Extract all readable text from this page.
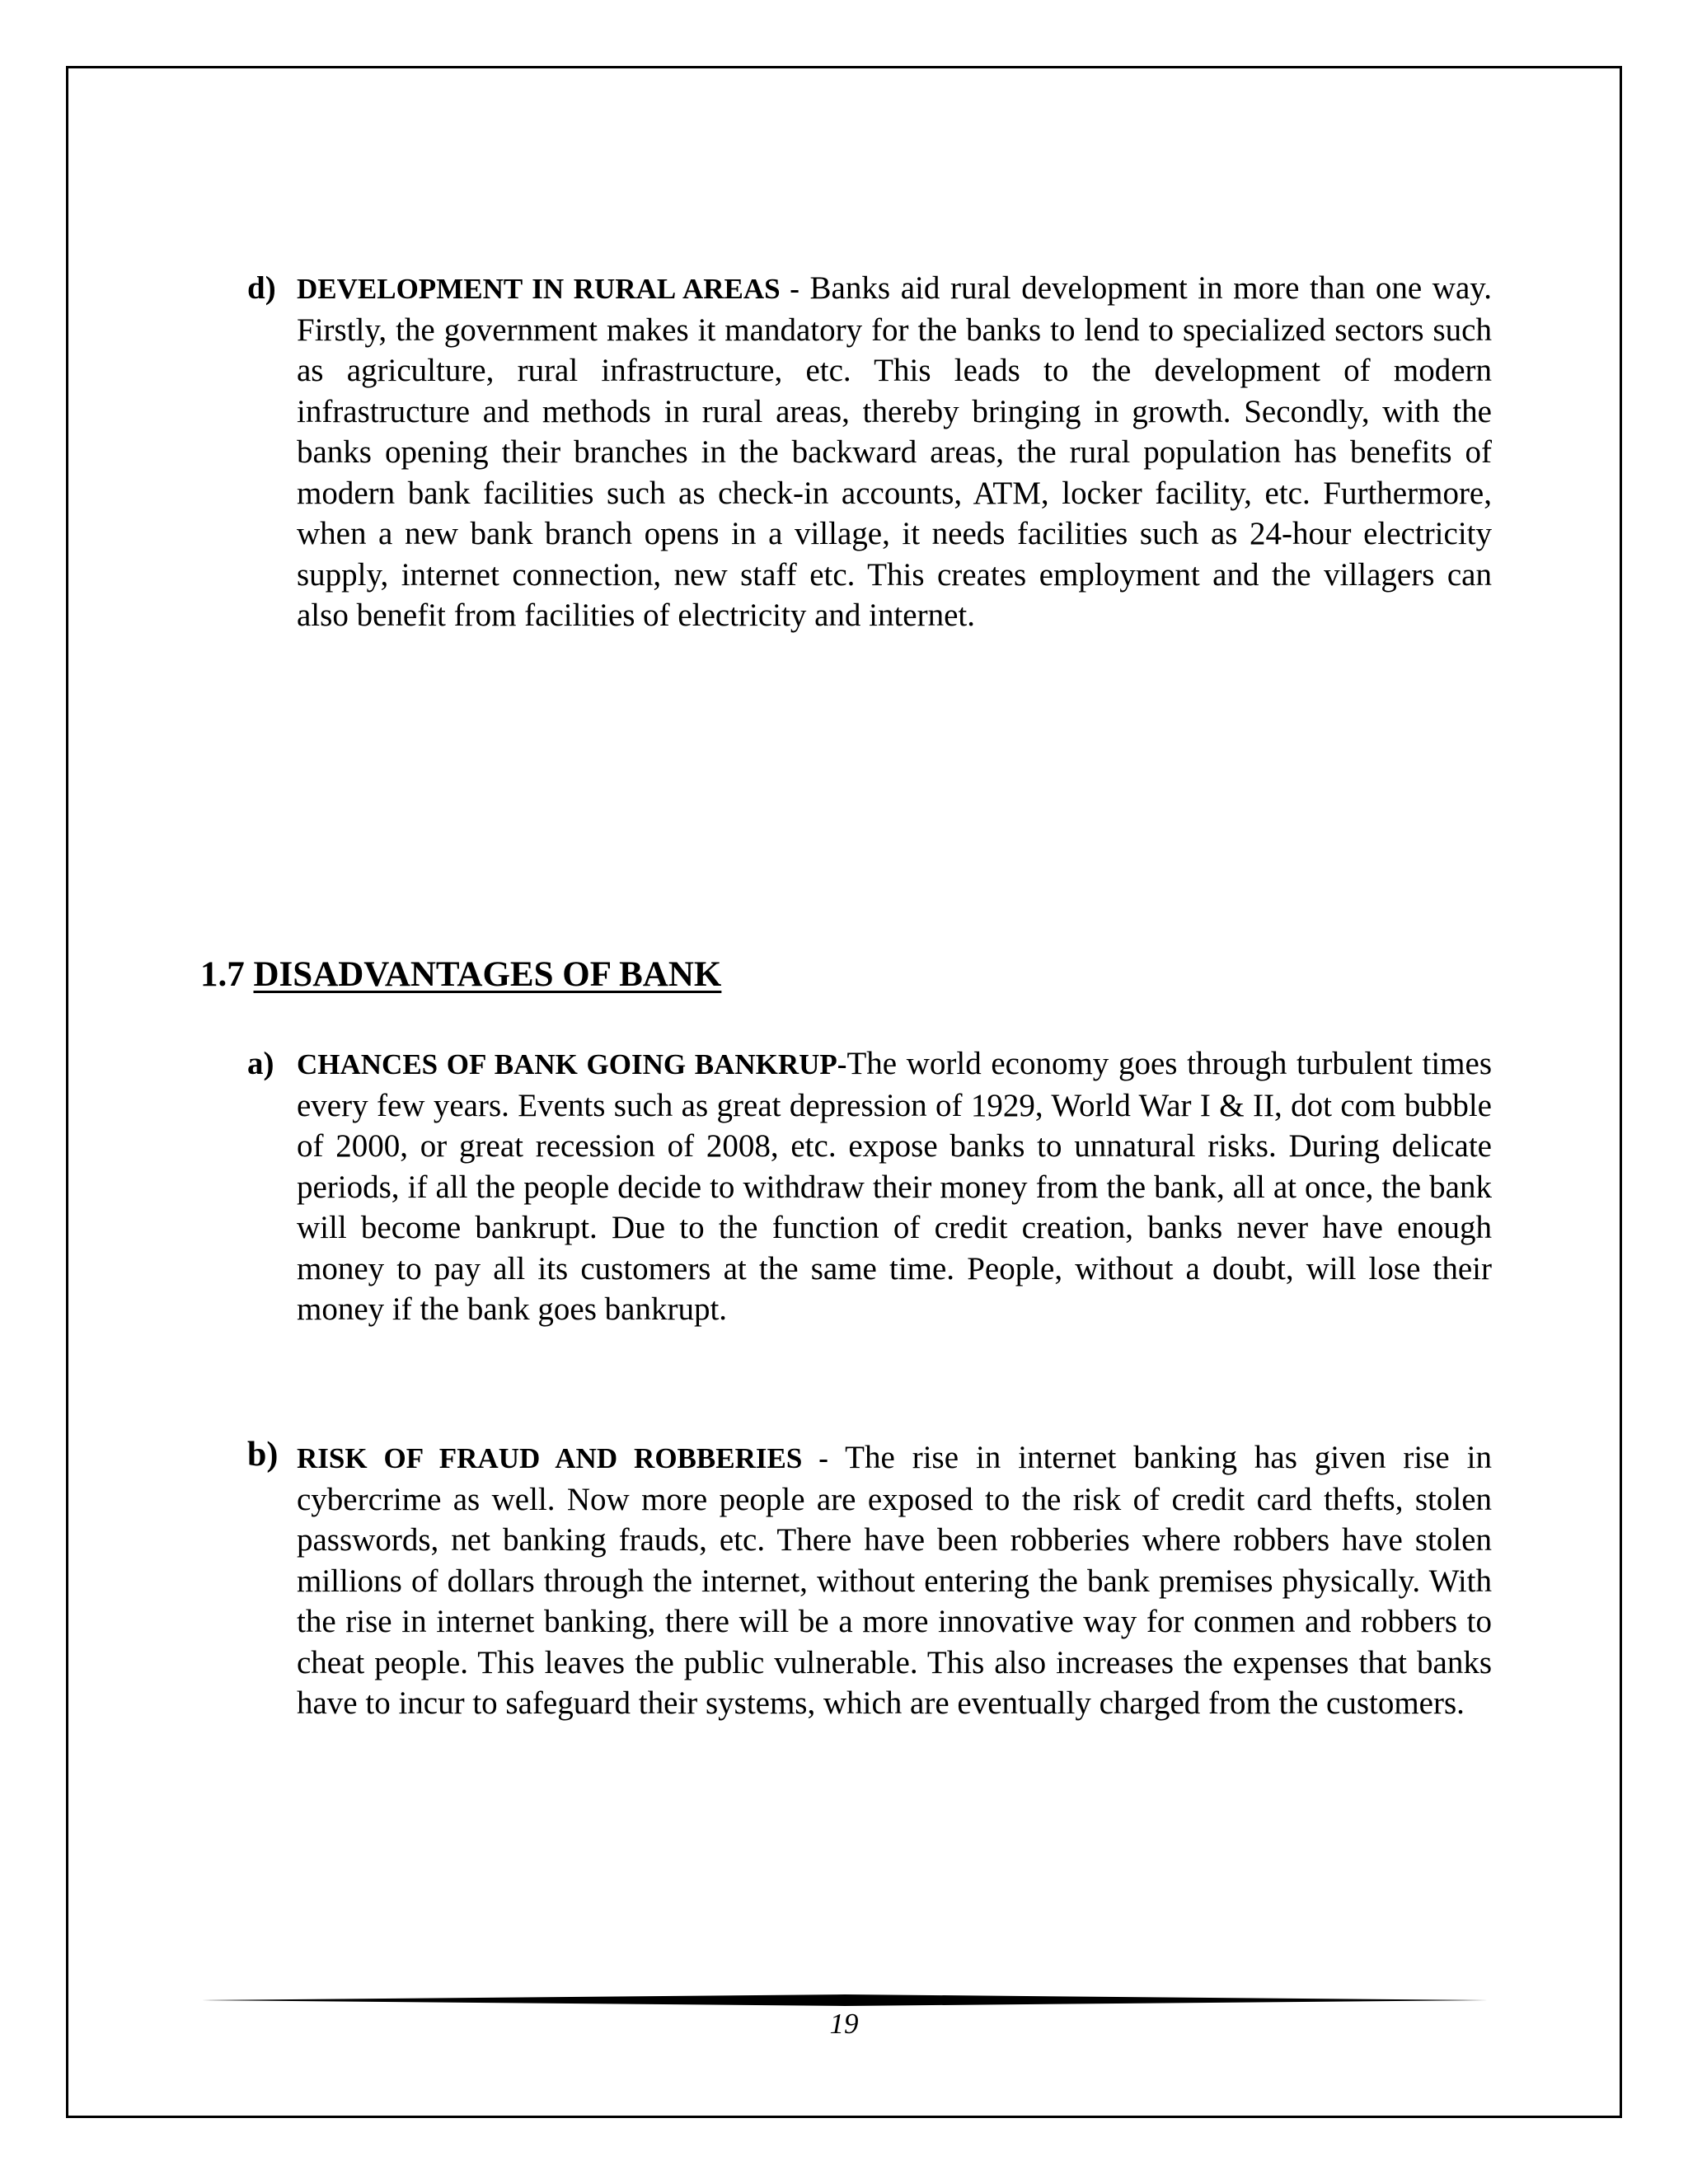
d) DEVELOPMENT IN RURAL AREAS - Banks aid rural development in more than one way. Firstly, the government makes it mandatory for the banks to lend to specialized sectors such as agriculture, rural infrastructure, etc. This leads to the development of modern infrastructure and methods in rural areas, thereby bringing in growth. Secondly, with the banks opening their branches in the backward areas, the rural population has benefits of modern bank facilities such as check-in accounts, ATM, locker facility, etc. Furthermore, when a new bank branch opens in a village, it needs facilities such as 24-hour electricity supply, internet connection, new staff etc. This creates employment and the villagers can also benefit from facilities of electricity and internet.
1.7 DISADVANTAGES OF BANK
a) CHANCES OF BANK GOING BANKRUP-The world economy goes through turbulent times every few years. Events such as great depression of 1929, World War I & II, dot com bubble of 2000, or great recession of 2008, etc. expose banks to unnatural risks. During delicate periods, if all the people decide to withdraw their money from the bank, all at once, the bank will become bankrupt. Due to the function of credit creation, banks never have enough money to pay all its customers at the same time. People, without a doubt, will lose their money if the bank goes bankrupt.
b) RISK OF FRAUD AND ROBBERIES - The rise in internet banking has given rise in cybercrime as well. Now more people are exposed to the risk of credit card thefts, stolen passwords, net banking frauds, etc. There have been robberies where robbers have stolen millions of dollars through the internet, without entering the bank premises physically. With the rise in internet banking, there will be a more innovative way for conmen and robbers to cheat people. This leaves the public vulnerable. This also increases the expenses that banks have to incur to safeguard their systems, which are eventually charged from the customers.
19
